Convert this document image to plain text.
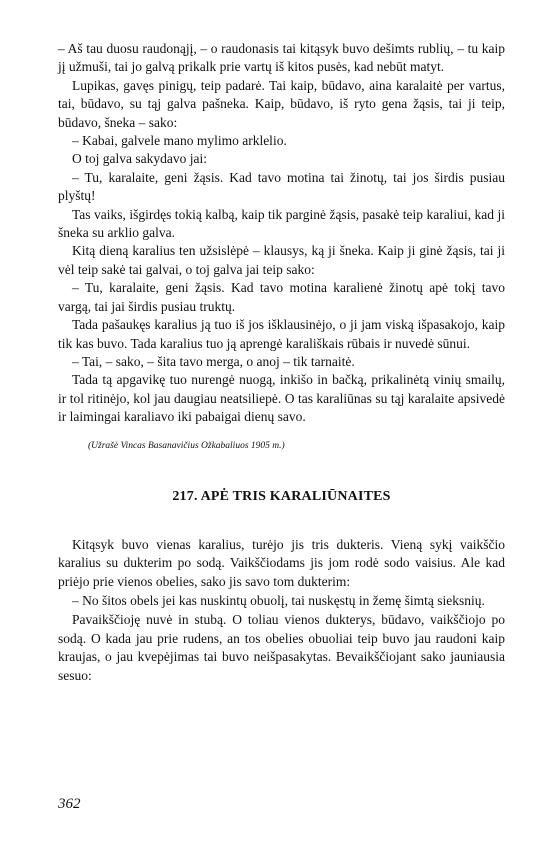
– Aš tau duosu raudonąjį, – o raudonasis tai kitąsyk buvo dešimts rublių, – tu kaip jį užmuši, tai jo galvą prikalk prie vartų iš kitos pusės, kad nebūt matyt.

Lupikas, gavęs pinigų, teip padarė. Tai kaip, būdavo, aina karalaitė per vartus, tai, būdavo, su tąj galva pašneka. Kaip, būdavo, iš ryto gena žąsis, tai ji teip, būdavo, šneka – sako:

– Kabai, galvele mano mylimo arklelio.

O toj galva sakydavo jai:

– Tu, karalaite, geni žąsis. Kad tavo motina tai žinotų, tai jos širdis pusiau plyštų!

Tas vaiks, išgirdęs tokią kalbą, kaip tik parginė žąsis, pasakė teip karaliui, kad ji šneka su arklio galva.

Kitą dieną karalius ten užsislėpė – klausys, ką ji šneka. Kaip ji ginė žąsis, tai ji vėl teip sakė tai galvai, o toj galva jai teip sako:

– Tu, karalaite, geni žąsis. Kad tavo motina karalienė žinotų apė tokį tavo vargą, tai jai širdis pusiau truktų.

Tada pašaukęs karalius ją tuo iš jos išklausinėjo, o ji jam viską išpasakojo, kaip tik kas buvo. Tada karalius tuo ją aprengė karališkais rūbais ir nuvedė sūnui.

– Tai, – sako, – šita tavo merga, o anoj – tik tarnaitė.

Tada tą apgavikę tuo nurengė nuogą, inkišo in bačką, prikalinėtą vinių smailų, ir tol ritinėjo, kol jau daugiau neatsiliepė. O tas karaliūnas su tąj karalaite apsivedė ir laimingai karaliavo iki pabaigai dienų savo.

(Užrašė Vincas Basanavičius Ožkabaliuos 1905 m.)

217. APĖ TRIS KARALIŪNAITES

Kitąsyk buvo vienas karalius, turėjo jis tris dukteris. Vieną sykį vaikščio karalius su dukterim po sodą. Vaikščiodams jis jom rodė sodo vaisius. Ale kad priėjo prie vienos obelies, sako jis savo tom dukterim:

– No šitos obels jei kas nuskintų obuolį, tai nuskęstų in žemę šimtą sieksnių.

Pavaikščioję nuvė in stubą. O toliau vienos dukterys, būdavo, vaikščiojo po sodą. O kada jau prie rudens, an tos obelies obuoliai teip buvo jau raudoni kaip kraujas, o jau kvepėjimas tai buvo neišpasakytas. Bevaikščiojant sako jauniausia sesuo:

362
